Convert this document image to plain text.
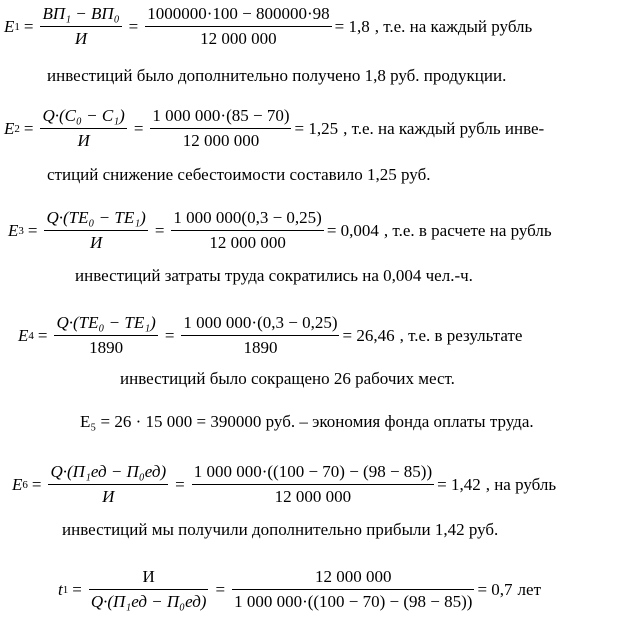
E $1 = \frac{\text{ВП₁ − ВП₀}}{И} = \frac{1000000\cdot 100 - 800000\cdot 98}{12 000 000} = 1,8$ , т.е. на каждый рубль
инвестиций было дополнительно получено 1,8 руб. продукции.
E $2 = \frac{\text{Q·(C₀ − C₁)}}{И} = \frac{1 000 000\cdot(85 - 70)}{12 000 000} = 1,25$ , т.е. на каждый рубль инве-
стиций снижение себестоимости составило 1,25 руб.
E $3 = \frac{\text{Q·(TE₀ − TE₁)}}{И} = \frac{1 000 000(0,3 - 0,25)}{12 000 000} = 0,004$ , т.е. в расчете на рубль
инвестиций затраты труда сократились на 0,004 чел.-ч.
E $4 = \frac{\text{Q·(TE₀ − TE₁)}}{1890} = \frac{1 000 000\cdot(0,3 - 0,25)}{1890} = 26,46$ , т.е. в результате
инвестиций было сокращено 26 рабочих мест.
E₅ = 26 · 15 000 = 390000 руб. – экономия фонда оплаты труда.
E $6 = \frac{\text{Q·(П₁ед − П₀ед)}}{И} = \frac{1 000 000\cdot((100 - 70) - (98 - 85))}{12 000 000} = 1,42$ , на рубль
инвестиций мы получили дополнительно прибыли 1,42 руб.
t $1 = \frac{И}{\text{Q·(П₁ед − П₀ед)}} = \frac{12 000 000}{1 000 000\cdot((100 - 70) - (98 - 85))} = 0,7$ лет
